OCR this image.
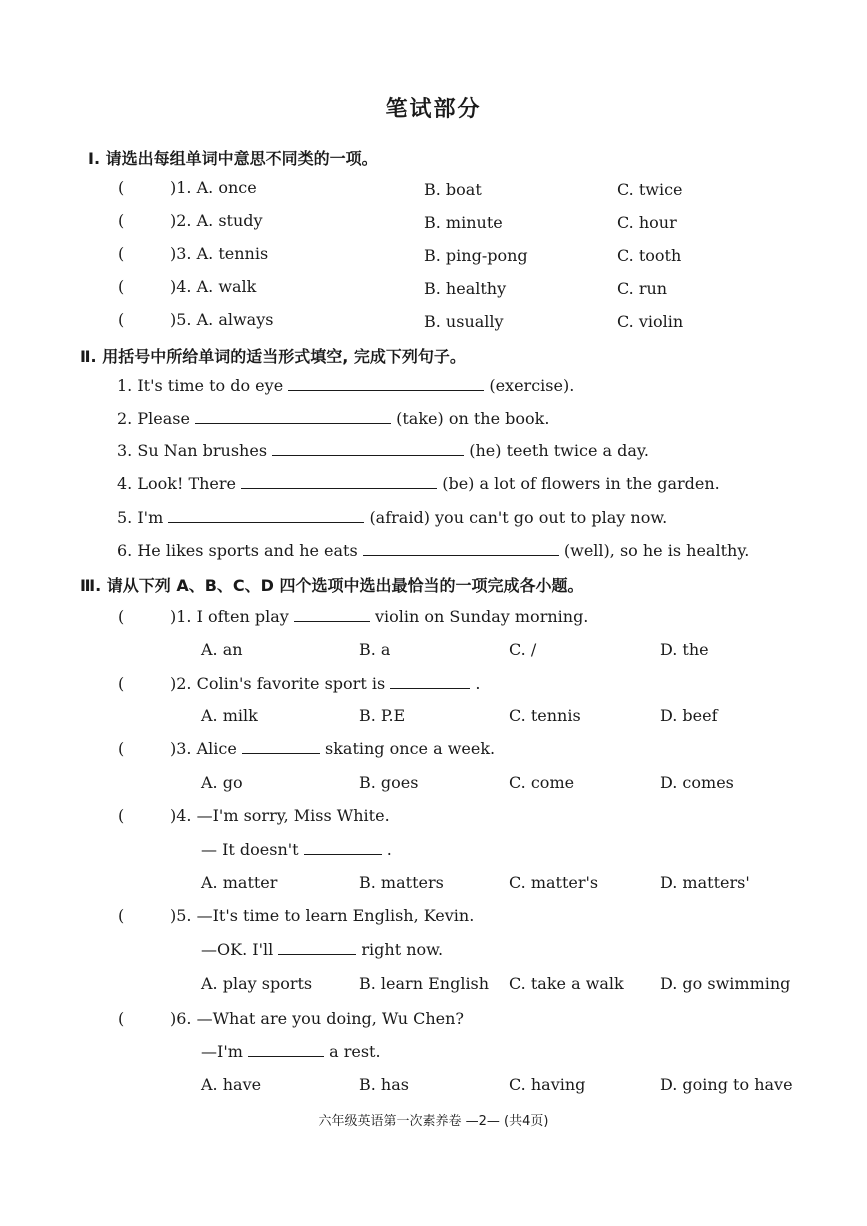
笔试部分
Ⅰ. 请选出每组单词中意思不同类的一项。
(	)1. A. once	B. boat	C. twice
(	)2. A. study	B. minute	C. hour
(	)3. A. tennis	B. ping-pong	C. tooth
(	)4. A. walk	B. healthy	C. run
(	)5. A. always	B. usually	C. violin
Ⅱ. 用括号中所给单词的适当形式填空, 完成下列句子。
1. It's time to do eye	(exercise).
2. Please	(take) on the book.
3. Su Nan brushes	(he) teeth twice a day.
4. Look! There	(be) a lot of flowers in the garden.
5. I'm	(afraid) you can't go out to play now.
6. He likes sports and he eats	(well), so he is healthy.
Ⅲ. 请从下列 A、B、C、D 四个选项中选出最恰当的一项完成各小题。
(	)1. I often play	violin on Sunday morning.
A. an	B. a	C. /	D. the
(	)2. Colin's favorite sport is	.
A. milk	B. P.E	C. tennis	D. beef
(	)3. Alice	skating once a week.
A. go	B. goes	C. come	D. comes
(	)4. —I'm sorry, Miss White.
— It doesn't	.
A. matter	B. matters	C. matter's	D. matters'
(	)5. —It's time to learn English, Kevin.
—OK. I'll	right now.
A. play sports	B. learn English C. take a walk D. go swimming
(	)6. —What are you doing, Wu Chen?
—I'm	a rest.
A. have	B. has	C. having	D. going to have
六年级英语第一次素养卷 —2— (共4页)
